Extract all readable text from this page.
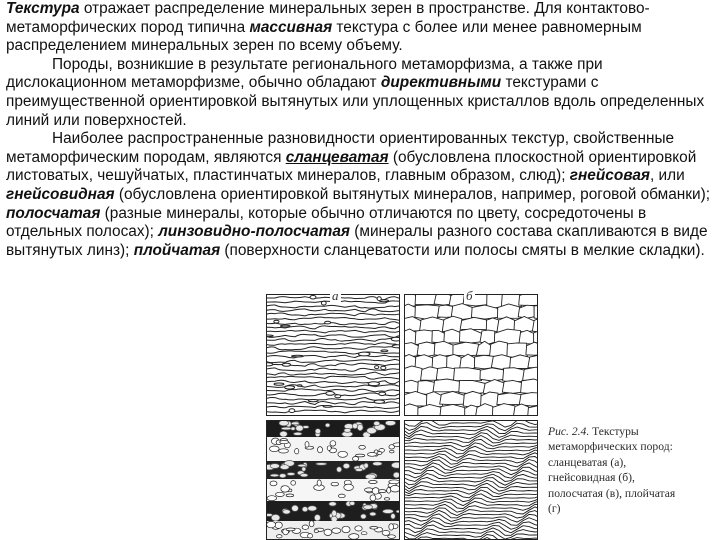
Текстура отражает распределение минеральных зерен в пространстве. Для контактово-метаморфических пород типична массивная текстура с более или менее равномерным распределением минеральных зерен по всему объему.

Породы, возникшие в результате регионального метаморфизма, а также при дислокационном метаморфизме, обычно обладают директивными текстурами с преимущественной ориентировкой вытянутых или уплощенных кристаллов вдоль определенных линий или поверхностей.

Наиболее распространенные разновидности ориентированных текстур, свойственные метаморфическим породам, являются сланцеватая (обусловлена плоскостной ориентировкой листоватых, чешуйчатых, пластинчатых минералов, главным образом, слюд); гнейсовая, или гнейсовидная (обусловлена ориентировкой вытянутых минералов, например, роговой обманки); полосчатая (разные минералы, которые обычно отличаются по цвету, сосредоточены в отдельных полосах); линзовидно-полосчатая (минералы разного состава скапливаются в виде вытянутых линз); плойчатая (поверхности сланцеватости или полосы смяты в мелкие складки).

а	б
Рис. 2.4. Текстуры метаморфических пород: сланцеватая (а), гнейсовидная (б), полосчатая (в), плойчатая (г)
